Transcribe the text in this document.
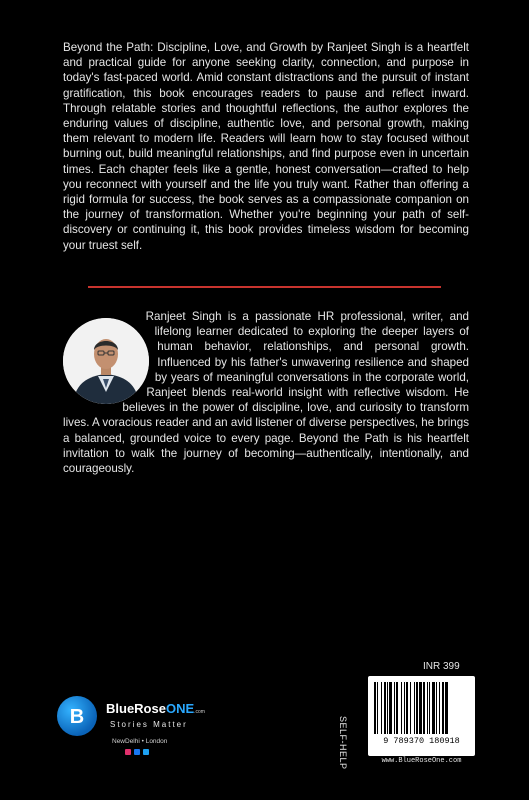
Beyond the Path: Discipline, Love, and Growth by Ranjeet Singh is a heartfelt and practical guide for anyone seeking clarity, connection, and purpose in today's fast-paced world. Amid constant distractions and the pursuit of instant gratification, this book encourages readers to pause and reflect inward. Through relatable stories and thoughtful reflections, the author explores the enduring values of discipline, authentic love, and personal growth, making them relevant to modern life. Readers will learn how to stay focused without burning out, build meaningful relationships, and find purpose even in uncertain times. Each chapter feels like a gentle, honest conversation—crafted to help you reconnect with yourself and the life you truly want. Rather than offering a rigid formula for success, the book serves as a compassionate companion on the journey of transformation. Whether you're beginning your path of self-discovery or continuing it, this book provides timeless wisdom for becoming your truest self.
Ranjeet Singh is a passionate HR professional, writer, and lifelong learner dedicated to exploring the deeper layers of human behavior, relationships, and personal growth. Influenced by his father's unwavering resilience and shaped by years of meaningful conversations in the corporate world, Ranjeet blends real-world insight with reflective wisdom. He believes in the power of discipline, love, and curiosity to transform lives. A voracious reader and an avid listener of diverse perspectives, he brings a balanced, grounded voice to every page. Beyond the Path is his heartfelt invitation to walk the journey of becoming—authentically, intentionally, and courageously.
INR 399
SELF-HELP	9 789370 180918
www.BlueRoseOne.com
B BlueRoseONE.com
Stories Matter
NewDelhi • London
